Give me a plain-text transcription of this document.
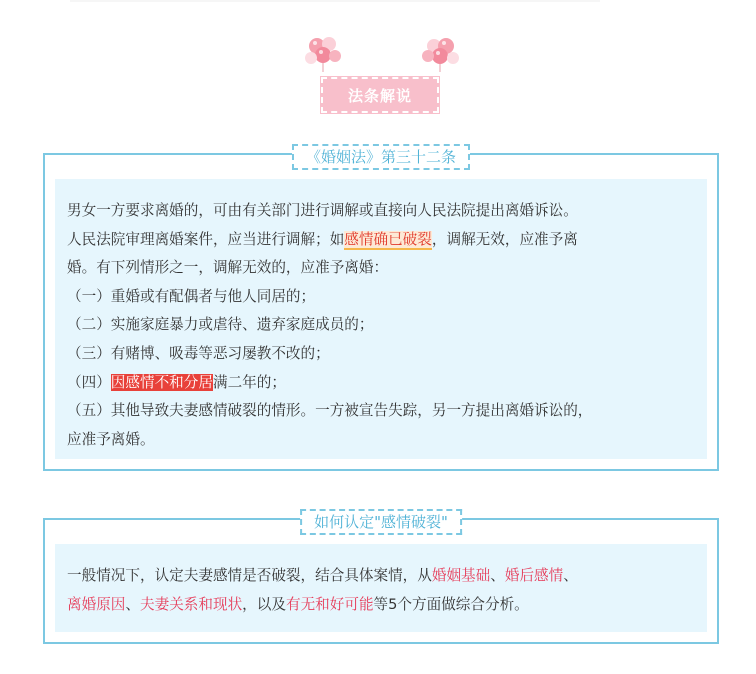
法条解说
《婚姻法》第三十二条

男女一方要求离婚的，可由有关部门进行调解或直接向人民法院提出离婚诉讼。
人民法院审理离婚案件，应当进行调解；如感情确已破裂，调解无效，应准予离
婚。有下列情形之一，调解无效的，应准予离婚：
（一）重婚或有配偶者与他人同居的；
（二）实施家庭暴力或虐待、遗弃家庭成员的；
（三）有赌博、吸毒等恶习屡教不改的；
（四）因感情不和分居满二年的；
（五）其他导致夫妻感情破裂的情形。一方被宣告失踪，另一方提出离婚诉讼的，
应准予离婚。

如何认定"感情破裂"

一般情况下，认定夫妻感情是否破裂，结合具体案情，从婚姻基础、婚后感情、
离婚原因、夫妻关系和现状，以及有无和好可能等5个方面做综合分析。
